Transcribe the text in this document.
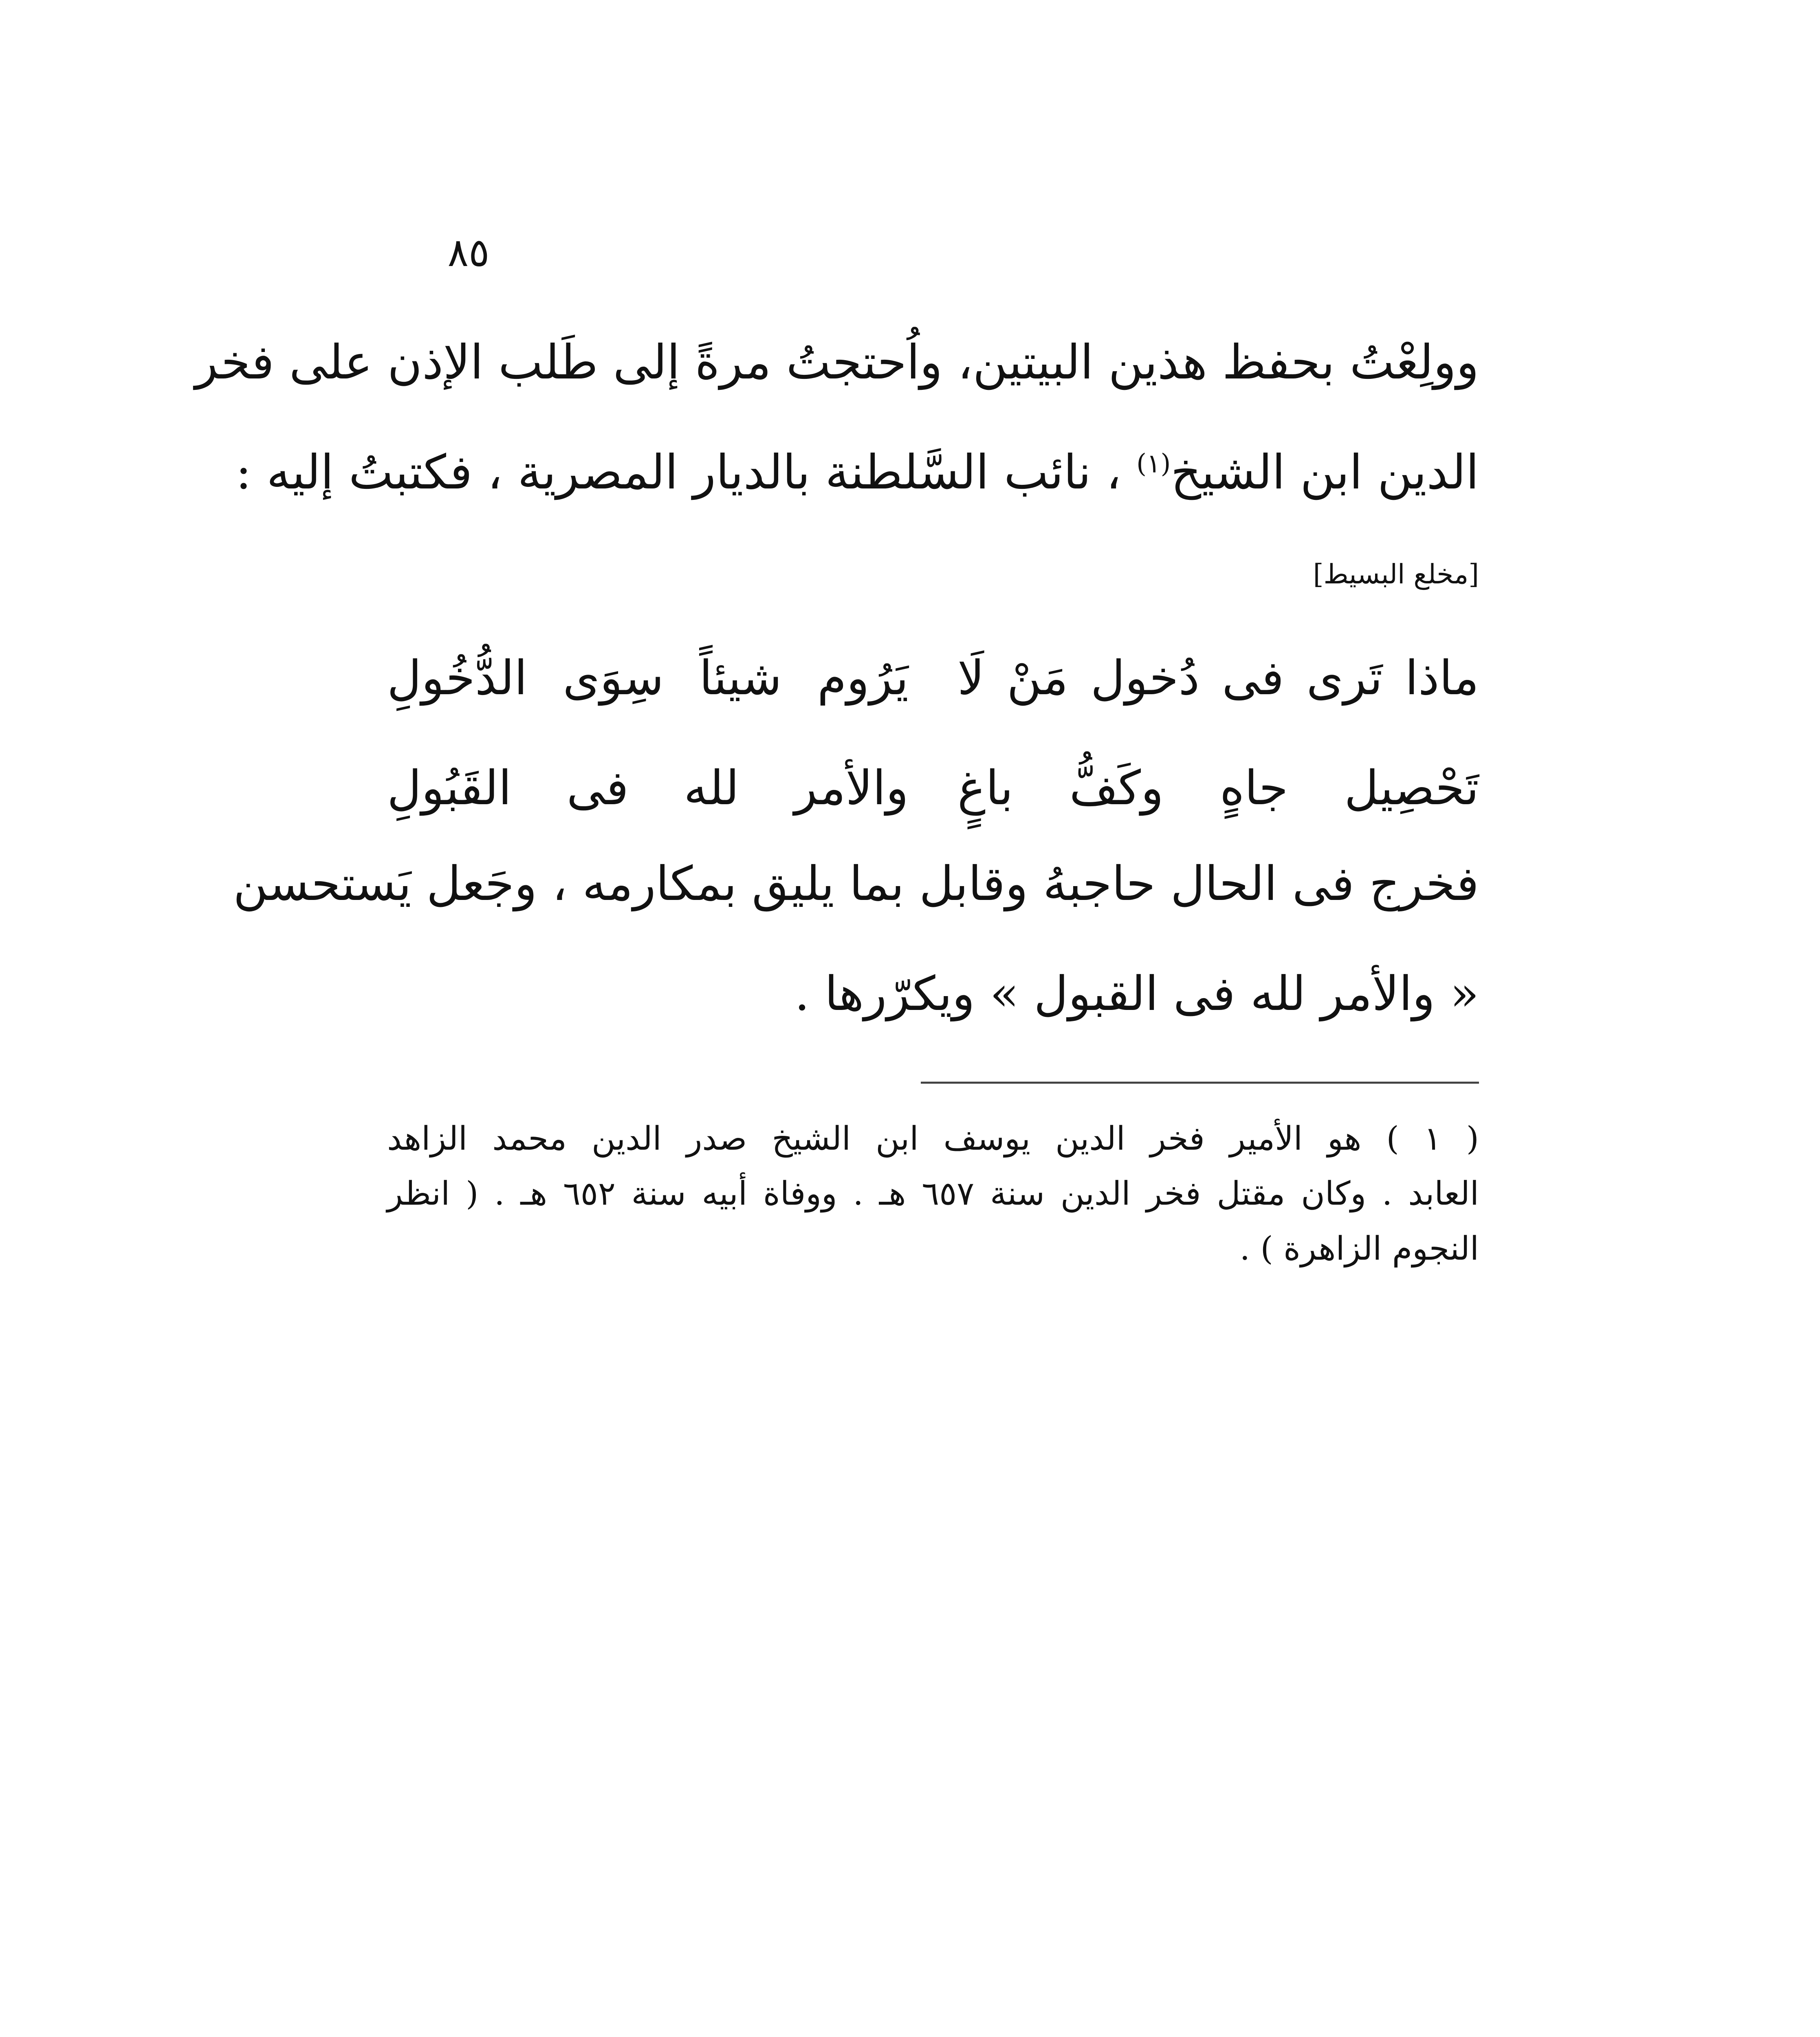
٨٥
وولِعْتُ بحفظ هذين البيتين، واُحتجتُ مرةً إلى طَلب الإذن على فخر
الدين ابن الشيخ$^{(١)}$ ، نائب السَّلطنة بالديار المصرية ، فكتبتُ إليه :
[مخلع البسيط]
ماذا تَرى فى دُخول مَنْ لَا
يَرُوم شيئاً سِوَى الدُّخُولِ
تَحْصِيل جاهٍ وكَفُّ باغٍ
والأمر لله فى القَبُولِ
فخرج فى الحال حاجبهُ وقابل بما يليق بمكارمه ، وجَعل يَستحسن
« والأمر لله فى القبول » ويكرّرها .
( ١ ) هو الأمير فخر الدين يوسف ابن الشيخ صدر الدين محمد الزاهد
العابد . وكان مقتل فخر الدين سنة ٦٥٧ هـ . ووفاة أبيه سنة ٦٥٢ هـ . ( انظر
النجوم الزاهرة ) .
